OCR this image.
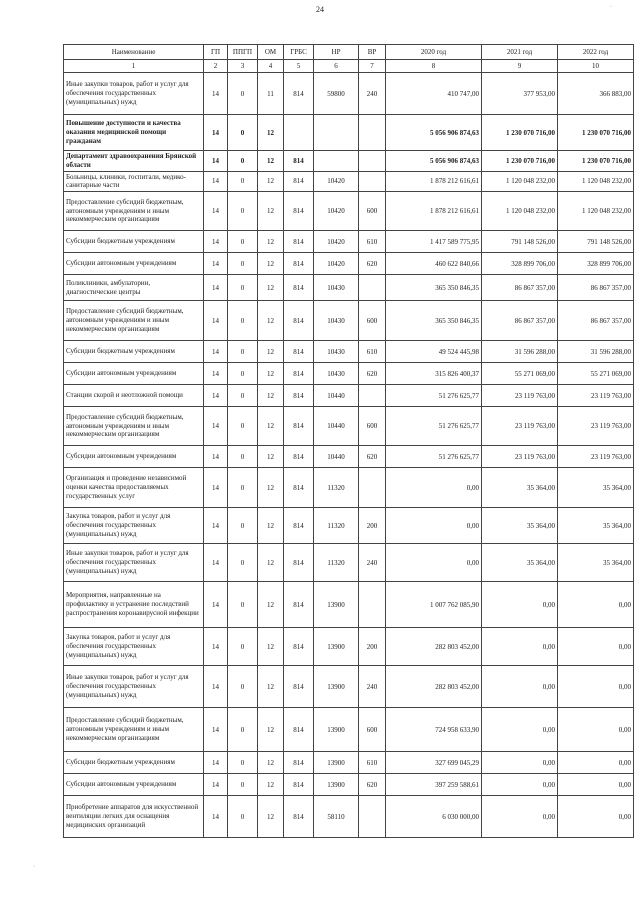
24
·
·
Наименование	ГП	ППГП	ОМ	ГРБС	НР	ВР	2020 год	2021 год	2022 год
1	2	3	4	5	6	7	8	9	10
Иные закупки товаров, работ и услуг для обеспечения государственных (муниципальных) нужд	14	0	11	814	59800	240	410 747,00	377 953,00	366 883,00
Повышение доступности и качества оказания медицинской помощи гражданам	14	0	12				5 056 906 874,63	1 230 070 716,00	1 230 070 716,00
Департамент здравоохранения Брянской области	14	0	12	814			5 056 906 874,63	1 230 070 716,00	1 230 070 716,00
Больницы, клиники, госпитали, медико-санитарные части	14	0	12	814	10420		1 878 212 616,61	1 120 048 232,00	1 120 048 232,00
Предоставление субсидий бюджетным, автономным учреждениям и иным некоммерческим организациям	14	0	12	814	10420	600	1 878 212 616,61	1 120 048 232,00	1 120 048 232,00
Субсидии бюджетным учреждениям	14	0	12	814	10420	610	1 417 589 775,95	791 148 526,00	791 148 526,00
Субсидии автономным учреждениям	14	0	12	814	10420	620	460 622 840,66	328 899 706,00	328 899 706,00
Поликлиники, амбулатории, диагностические центры	14	0	12	814	10430		365 350 846,35	86 867 357,00	86 867 357,00
Предоставление субсидий бюджетным, автономным учреждениям и иным некоммерческим организациям	14	0	12	814	10430	600	365 350 846,35	86 867 357,00	86 867 357,00
Субсидии бюджетным учреждениям	14	0	12	814	10430	610	49 524 445,98	31 596 288,00	31 596 288,00
Субсидии автономным учреждениям	14	0	12	814	10430	620	315 826 400,37	55 271 069,00	55 271 069,00
Станции скорой и неотложной помощи	14	0	12	814	10440		51 276 625,77	23 119 763,00	23 119 763,00
Предоставление субсидий бюджетным, автономным учреждениям и иным некоммерческим организациям	14	0	12	814	10440	600	51 276 625,77	23 119 763,00	23 119 763,00
Субсидии автономным учреждениям	14	0	12	814	10440	620	51 276 625,77	23 119 763,00	23 119 763,00
Организация и проведение независимой оценки качества предоставляемых государственных услуг	14	0	12	814	11320		0,00	35 364,00	35 364,00
Закупка товаров, работ и услуг для обеспечения государственных (муниципальных) нужд	14	0	12	814	11320	200	0,00	35 364,00	35 364,00
Иные закупки товаров, работ и услуг для обеспечения государственных (муниципальных) нужд	14	0	12	814	11320	240	0,00	35 364,00	35 364,00
Мероприятия, направленные на профилактику и устранение последствий распространения коронавирусной инфекции	14	0	12	814	13900		1 007 762 085,90	0,00	0,00
Закупка товаров, работ и услуг для обеспечения государственных (муниципальных) нужд	14	0	12	814	13900	200	282 803 452,00	0,00	0,00
Иные закупки товаров, работ и услуг для обеспечения государственных (муниципальных) нужд	14	0	12	814	13900	240	282 803 452,00	0,00	0,00
Предоставление субсидий бюджетным, автономным учреждениям и иным некоммерческим организациям	14	0	12	814	13900	600	724 958 633,90	0,00	0,00
Субсидии бюджетным учреждениям	14	0	12	814	13900	610	327 699 045,29	0,00	0,00
Субсидии автономным учреждениям	14	0	12	814	13900	620	397 259 588,61	0,00	0,00
Приобретение аппаратов для искусственной вентиляции легких для оснащения медицинских организаций	14	0	12	814	58110		6 030 000,00	0,00	0,00
